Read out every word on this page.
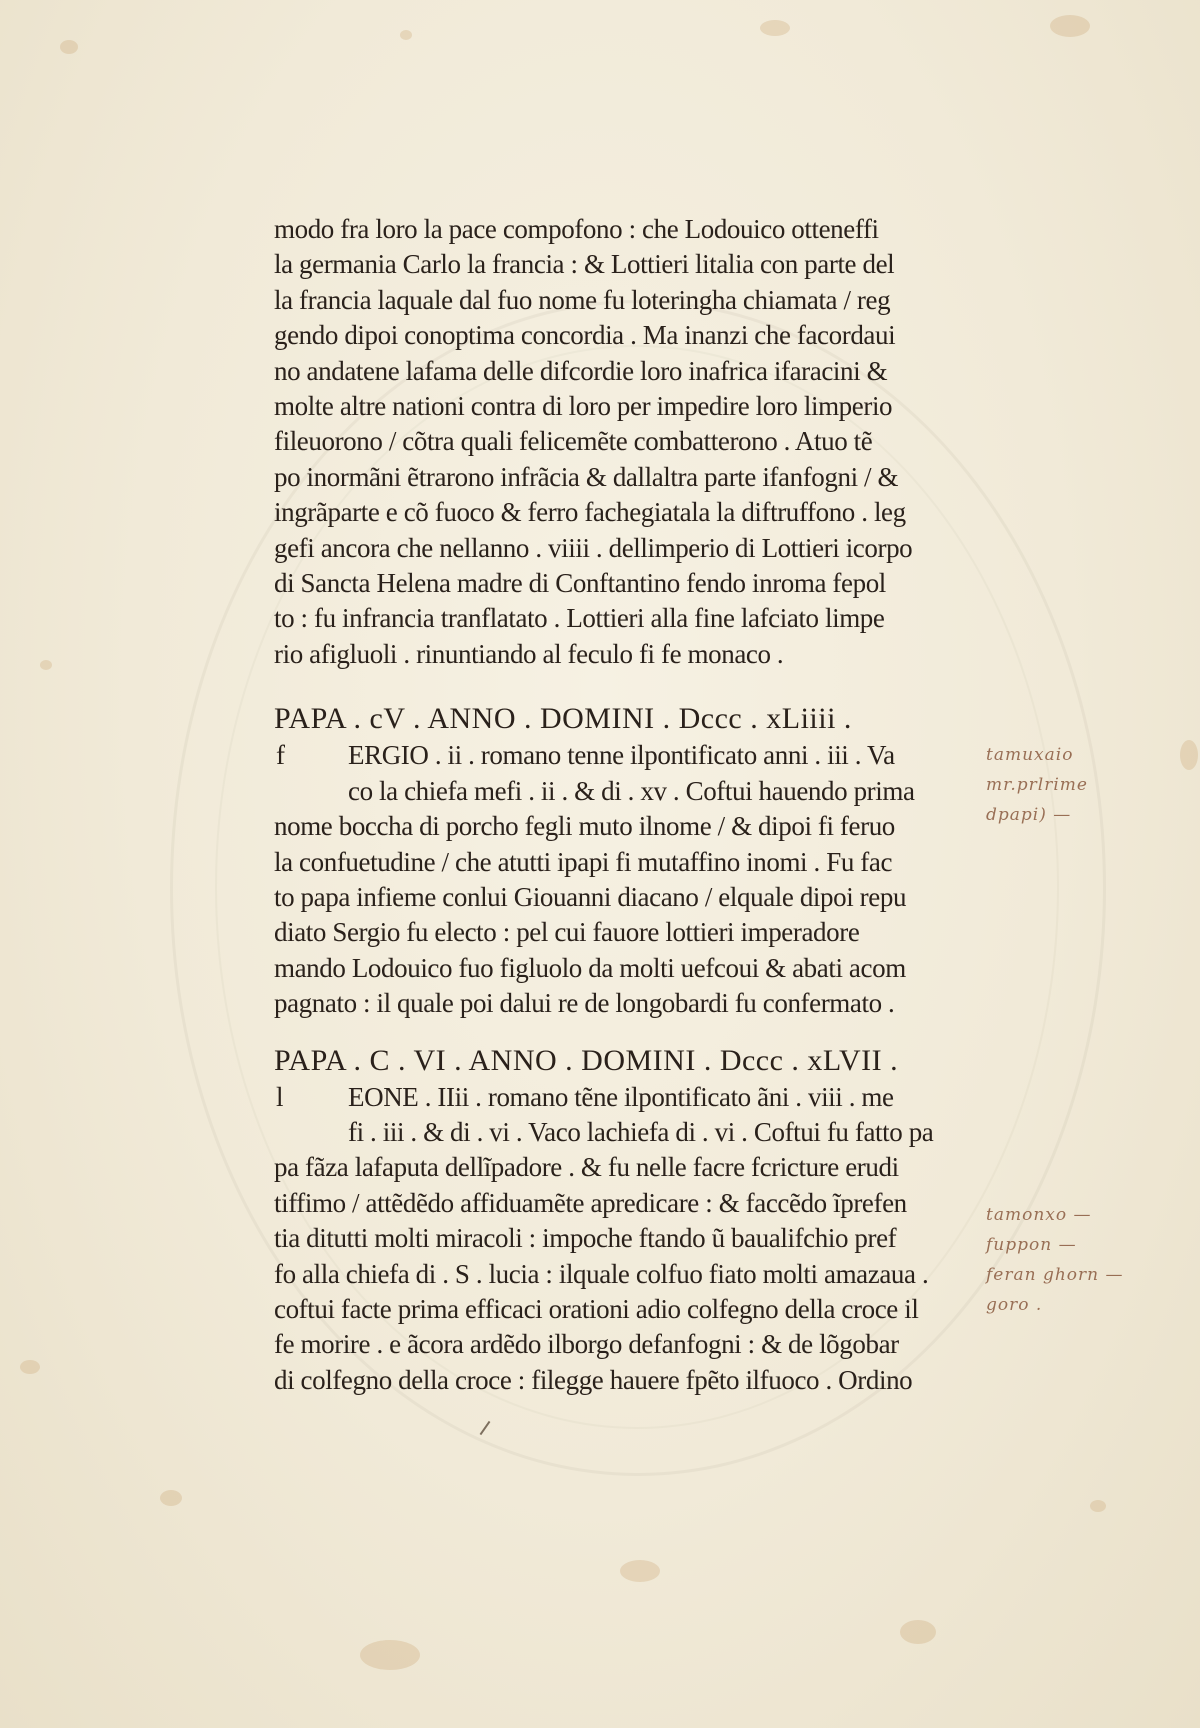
modo fra loro la pace compofono : che Lodouico otteneffi
la germania Carlo la francia : & Lottieri litalia con parte del
la francia laquale dal fuo nome fu loteringha chiamata / reg
gendo dipoi conoptima concordia . Ma inanzi che facordaui
no andatene lafama delle difcordie loro inafrica ifaracini &
molte altre nationi contra di loro per impedire loro limperio
fileuorono / cõtra quali felicemẽte combatterono . Atuo tẽ
po inormãni ẽtrarono infrãcia & dallaltra parte ifanfogni / &
ingrãparte e cõ fuoco & ferro fachegiatala la diftruffono . leg
gefi ancora che nellanno . viiii . dellimperio di Lottieri icorpo
di Sancta Helena madre di Conftantino fendo inroma fepol
to : fu infrancia tranflatato . Lottieri alla fine lafciato limpe
rio afigluoli . rinuntiando al feculo fi fe monaco .
PAPA . cV . ANNO . DOMINI . Dccc . xLiiii .
f ERGIO . ii . romano tenne ilpontificato anni . iii . Va
co la chiefa mefi . ii . & di . xv . Coftui hauendo prima
nome boccha di porcho fegli muto ilnome / & dipoi fi feruo
la confuetudine / che atutti ipapi fi mutaffino inomi . Fu fac
to papa infieme conlui Giouanni diacano / elquale dipoi repu
diato Sergio fu electo : pel cui fauore lottieri imperadore
mando Lodouico fuo figluolo da molti uefcoui & abati acom
pagnato : il quale poi dalui re de longobardi fu confermato .
PAPA . C . VI . ANNO . DOMINI . Dccc . xLVII .
l EONE . IIii . romano tẽne ilpontificato ãni . viii . me
fi . iii . & di . vi . Vaco lachiefa di . vi . Coftui fu fatto pa
pa fãza lafaputa dellĩpadore . & fu nelle facre fcricture erudi
tiffimo / attẽdẽdo affiduamẽte apredicare : & faccẽdo ĩprefen
tia ditutti molti miracoli : impoche ftando ũ baualifchio pref
fo alla chiefa di . S . lucia : ilquale colfuo fiato molti amazaua .
coftui facte prima efficaci orationi adio colfegno della croce il
fe morire . e ãcora ardẽdo ilborgo defanfogni : & de lõgobar
di colfegno della croce : filegge hauere fpẽto ilfuoco . Ordino
tamuxaio
mr.prlrime
dpapi) —
tamonxo —
fuppon —
feran ghorn —
goro .
